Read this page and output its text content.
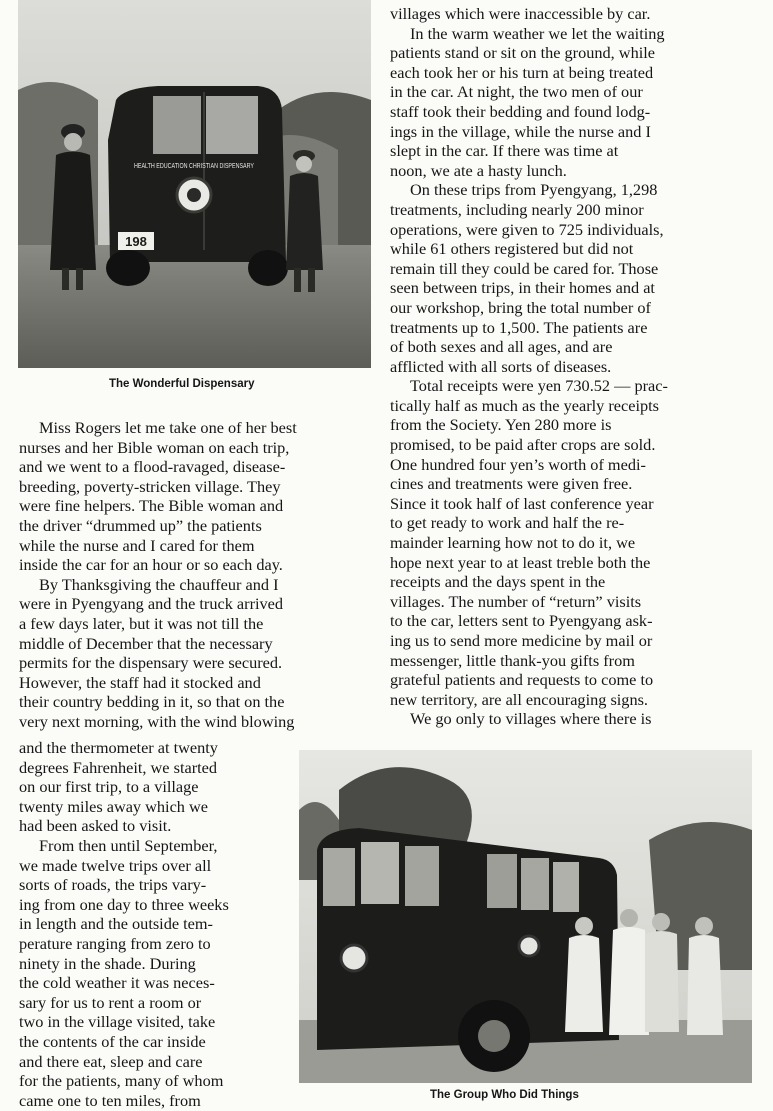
HEALTH EDUCATION CHRISTIAN DISPENSARY
198
The Wonderful Dispensary
The Group Who Did Things
Miss Rogers let me take one of her best
nurses and her Bible woman on each trip,
and we went to a flood-ravaged, disease-
breeding, poverty-stricken village. They
were fine helpers. The Bible woman and
the driver “drummed up” the patients
while the nurse and I cared for them
inside the car for an hour or so each day.
By Thanksgiving the chauffeur and I
were in Pyengyang and the truck arrived
a few days later, but it was not till the
middle of December that the necessary
permits for the dispensary were secured.
However, the staff had it stocked and
their country bedding in it, so that on the
very next morning, with the wind blowing
and the thermometer at twenty
degrees Fahrenheit, we started
on our first trip, to a village
twenty miles away which we
had been asked to visit.
From then until September,
we made twelve trips over all
sorts of roads, the trips vary-
ing from one day to three weeks
in length and the outside tem-
perature ranging from zero to
ninety in the shade. During
the cold weather it was neces-
sary for us to rent a room or
two in the village visited, take
the contents of the car inside
and there eat, sleep and care
for the patients, many of whom
came one to ten miles, from
villages which were inaccessible by car.
In the warm weather we let the waiting
patients stand or sit on the ground, while
each took her or his turn at being treated
in the car. At night, the two men of our
staff took their bedding and found lodg-
ings in the village, while the nurse and I
slept in the car. If there was time at
noon, we ate a hasty lunch.
On these trips from Pyengyang, 1,298
treatments, including nearly 200 minor
operations, were given to 725 individuals,
while 61 others registered but did not
remain till they could be cared for. Those
seen between trips, in their homes and at
our workshop, bring the total number of
treatments up to 1,500. The patients are
of both sexes and all ages, and are
afflicted with all sorts of diseases.
Total receipts were yen 730.52 — prac-
tically half as much as the yearly receipts
from the Society. Yen 280 more is
promised, to be paid after crops are sold.
One hundred four yen’s worth of medi-
cines and treatments were given free.
Since it took half of last conference year
to get ready to work and half the re-
mainder learning how not to do it, we
hope next year to at least treble both the
receipts and the days spent in the
villages. The number of “return” visits
to the car, letters sent to Pyengyang ask-
ing us to send more medicine by mail or
messenger, little thank-you gifts from
grateful patients and requests to come to
new territory, are all encouraging signs.
We go only to villages where there is
